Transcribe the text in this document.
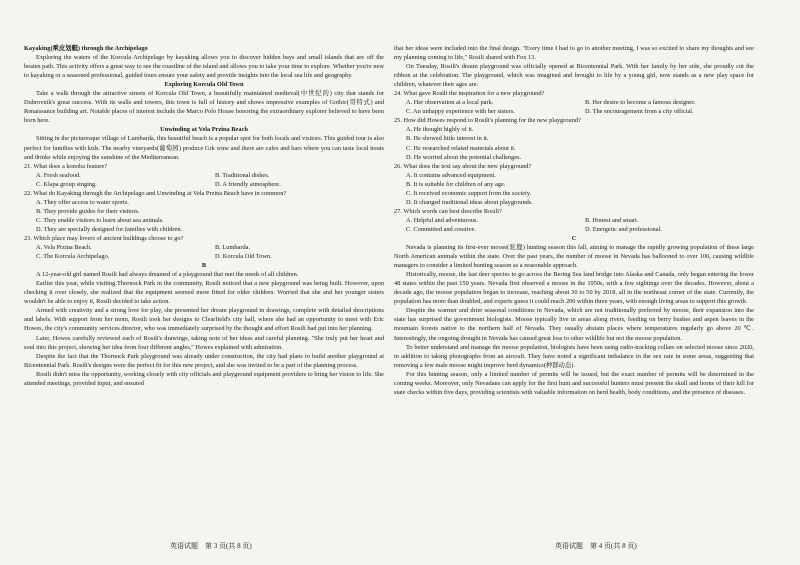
Kayaking(乘皮划艇) through the Archipelago

Exploring the waters of the Korcula Archipelago by kayaking allows you to discover hidden bays and small islands that are off the beaten path. This activity offers a great way to see the coastline of the island and allows you to take your time to explore. Whether you're new to kayaking or a seasoned professional, guided tours ensure your safety and provide insights into the local sea life and geography.

Exploring Korcula Old Town

Take a walk through the attractive streets of Korcula Old Town, a beautifully maintained medieval(中世纪的) city that stands for Dubrovnik's great success. With its walls and towers, this town is full of history and shows impressive examples of Gothic(哥特式) and Renaissance building art. Notable places of interest include the Marco Polo House honoring the extraordinary explorer believed to have been born here.

Unwinding at Vela Przina Beach

Sitting in the picturesque village of Lumbarda, this beautiful beach is a popular spot for both locals and visitors. This guided tour is also perfect for families with kids. The nearby vineyards(葡萄园) produce Grk wine and there are cafes and bars where you can taste local treats and drinks while enjoying the sunshine of the Mediterranean.

21. What does a konoba feature?
A. Fresh seafood.	B. Traditional dishes.
C. Klapa group singing.	D. A friendly atmosphere.
22. What do Kayaking through the Archipelago and Unwinding at Vela Przina Beach have in common?
A. They offer access to water sports.
B. They provide guides for their visitors.
C. They enable visitors to learn about sea animals.
D. They are specially designed for families with children.
23. Which place may lovers of ancient buildings choose to go?
A. Vela Przina Beach.	B. Lumbarda.
C. The Korcula Archipelago.	D. Korcula Old Town.
B

A 12-year-old girl named Rosili had always dreamed of a playground that met the needs of all children.

Earlier this year, while visiting Thornock Park in the community, Rosili noticed that a new playground was being built. However, upon checking it over closely, she realized that the equipment seemed more fitted for older children. Worried that she and her younger sisters wouldn't be able to enjoy it, Rosili decided to take action.

Armed with creativity and a strong love for play, she presented her dream playground in drawings, complete with detailed descriptions and labels. With support from her mom, Rosili took her designs to Clearfield's city hall, where she had an opportunity to meet with Eric Howes, the city's community services director, who was immediately surprised by the thought and effort Rosili had put into her planning.

Later, Howes carefully reviewed each of Rosili's drawings, taking note of her ideas and careful planning. "She truly put her heart and soul into this project, showing her idea from four different angles," Howes explained with admiration.

Despite the fact that the Thornock Park playground was already under construction, the city had plans to build another playground at Bicentennial Park. Rosili's designs were the perfect fit for this new project, and she was invited to be a part of the planning process.

Rosili didn't miss the opportunity, working closely with city officials and playground equipment providers to bring her vision to life. She attended meetings, provided input, and ensured

that her ideas were included into the final design. "Every time I had to go to another meeting, I was so excited to share my thoughts and see my planning coming to life," Rosili shared with Fox 13.

On Tuesday, Rosili's dream playground was officially opened at Bicentennial Park. With her family by her side, she proudly cut the ribbon at the celebration. The playground, which was imagined and brought to life by a young girl, now stands as a new play space for children, whatever their ages are.

24. What gave Rosili the inspiration for a new playground?
A. Her observation at a local park.	B. Her desire to become a famous designer.
C. An unhappy experience with her sisters.	D. The encouragement from a city official.
25. How did Howes respond to Rosili's planning for the new playground?
A. He thought highly of it.
B. He showed little interest in it.
C. He researched related materials about it.
D. He worried about the potential challenges.
26. What does the text say about the new playground?
A. It contains advanced equipment.
B. It is suitable for children of any age.
C. It received economic support from the society.
D. It changed traditional ideas about playgrounds.
27. Which words can best describe Rosili?
A. Helpful and adventurous.	B. Honest and smart.
C. Committed and creative.	D. Energetic and professional.
C

Nevada is planning its first-ever moose(驼鹿) hunting season this fall, aiming to manage the rapidly growing population of these large North American animals within the state. Over the past years, the number of moose in Nevada has ballooned to over 100, causing wildlife managers to consider a limited hunting season as a reasonable approach.

Historically, moose, the last deer species to go across the Bering Sea land bridge into Alaska and Canada, only began entering the lower 48 states within the past 150 years. Nevada first observed a moose in the 1950s, with a few sightings over the decades. However, about a decade ago, the moose population began to increase, reaching about 30 to 50 by 2018, all in the northeast corner of the state. Currently, the population has more than doubled, and experts guess it could reach 200 within three years, with enough living areas to support this growth.

Despite the warmer and drier seasonal conditions in Nevada, which are not traditionally preferred by moose, their expansion into the state has surprised the government biologists. Moose typically live in areas along rivers, feeding on berry bushes and aspen leaves in the mountain forests native to the northern half of Nevada. They usually abstain places where temperatures regularly go above 20 ℃. Interestingly, the ongoing drought in Nevada has caused great loss to other wildlife but not the moose population.

To better understand and manage the moose population, biologists have been using radio-tracking collars on selected moose since 2020, in addition to taking photographs from an aircraft. They have noted a significant imbalance in the sex rate in some areas, suggesting that removing a few male moose might improve herd dynamics(种群动态).

For this hunting season, only a limited number of permits will be issued, but the exact number of permits will be determined in the coming weeks. Moreover, only Nevadans can apply for the first hunt and successful hunters must present the skull and horns of their kill for state checks within five days, providing scientists with valuable information on herd health, body conditions, and the presence of diseases.

英语试题　第 3 页(共 8 页)	英语试题　第 4 页(共 8 页)
